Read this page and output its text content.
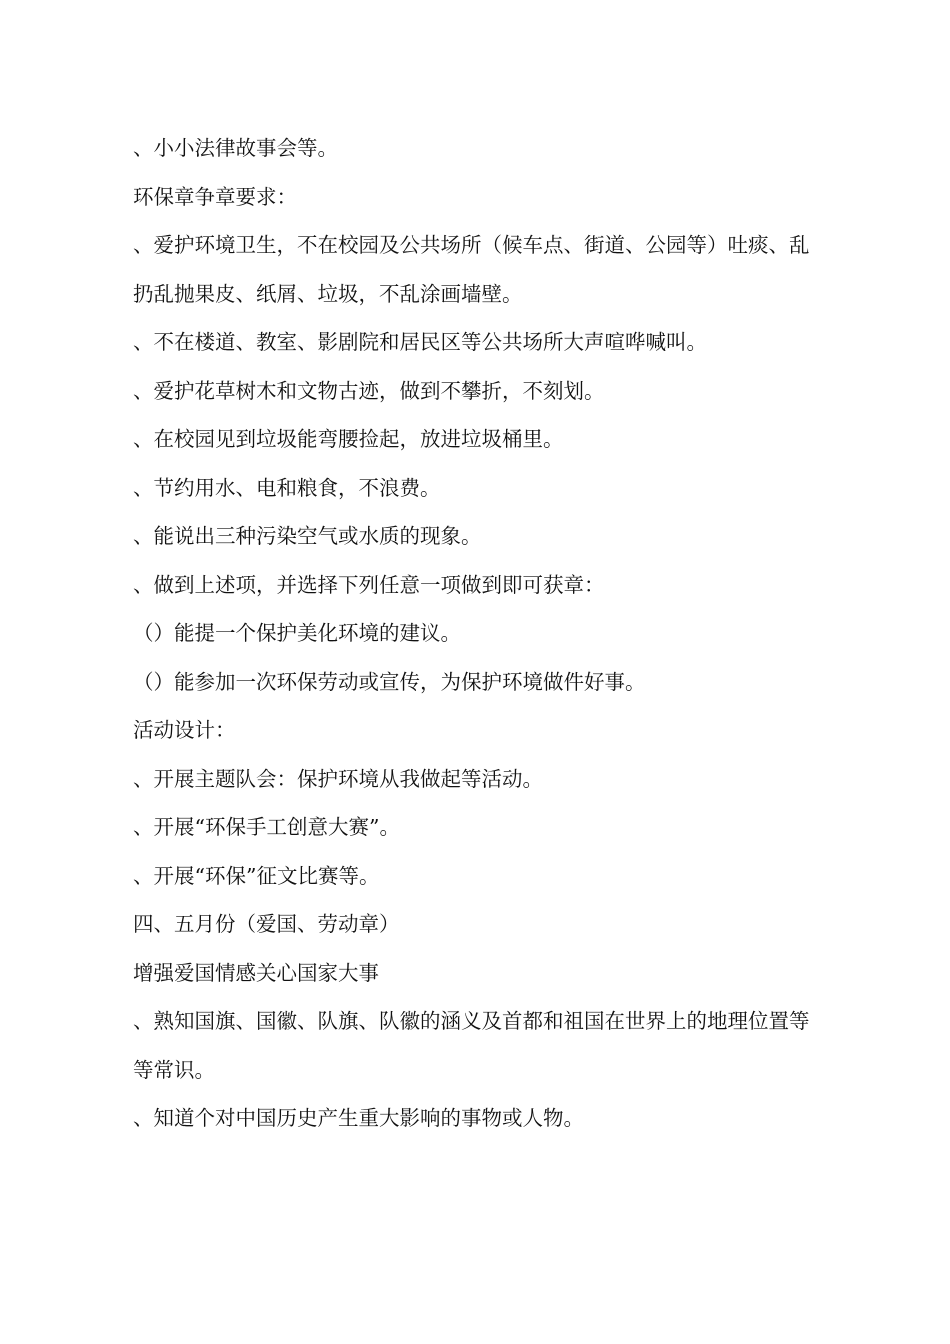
、小小法律故事会等。

环保章争章要求：

、爱护环境卫生，不在校园及公共场所（候车点、街道、公园等）吐痰、乱扔乱抛果皮、纸屑、垃圾，不乱涂画墙壁。

、不在楼道、教室、影剧院和居民区等公共场所大声喧哗喊叫。

、爱护花草树木和文物古迹，做到不攀折，不刻划。

、在校园见到垃圾能弯腰捡起，放进垃圾桶里。

、节约用水、电和粮食，不浪费。

、能说出三种污染空气或水质的现象。

、做到上述项，并选择下列任意一项做到即可获章：

（）能提一个保护美化环境的建议。

（）能参加一次环保劳动或宣传，为保护环境做件好事。

活动设计：

、开展主题队会：保护环境从我做起等活动。

、开展“环保手工创意大赛”。

、开展“环保”征文比赛等。

四、五月份（爱国、劳动章）

增强爱国情感关心国家大事

、熟知国旗、国徽、队旗、队徽的涵义及首都和祖国在世界上的地理位置等等常识。

、知道个对中国历史产生重大影响的事物或人物。
